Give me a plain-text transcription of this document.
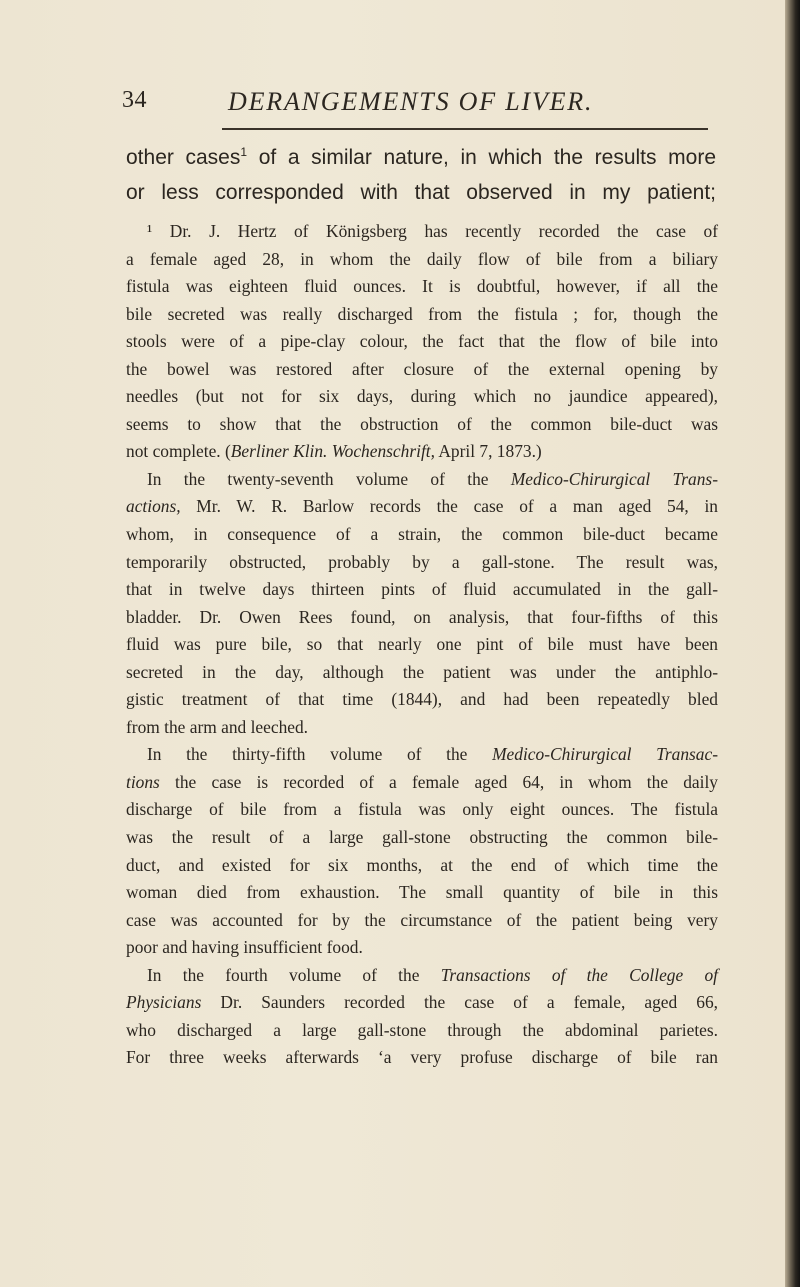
34	DERANGEMENTS OF LIVER.
other cases$^1$ of a similar nature, in which the results more
or less corresponded with that observed in my patient;
¹ Dr. J. Hertz of Königsberg has recently recorded the case of
a female aged 28, in whom the daily flow of bile from a biliary
fistula was eighteen fluid ounces. It is doubtful, however, if all the
bile secreted was really discharged from the fistula ; for, though the
stools were of a pipe-clay colour, the fact that the flow of bile into
the bowel was restored after closure of the external opening by
needles (but not for six days, during which no jaundice appeared),
seems to show that the obstruction of the common bile-duct was
not complete. (Berliner Klin. Wochenschrift, April 7, 1873.)
In the twenty-seventh volume of the Medico-Chirurgical Trans-
actions, Mr. W. R. Barlow records the case of a man aged 54, in
whom, in consequence of a strain, the common bile-duct became
temporarily obstructed, probably by a gall-stone. The result was,
that in twelve days thirteen pints of fluid accumulated in the gall-
bladder. Dr. Owen Rees found, on analysis, that four-fifths of this
fluid was pure bile, so that nearly one pint of bile must have been
secreted in the day, although the patient was under the antiphlo-
gistic treatment of that time (1844), and had been repeatedly bled
from the arm and leeched.
In the thirty-fifth volume of the Medico-Chirurgical Transac-
tions the case is recorded of a female aged 64, in whom the daily
discharge of bile from a fistula was only eight ounces. The fistula
was the result of a large gall-stone obstructing the common bile-
duct, and existed for six months, at the end of which time the
woman died from exhaustion. The small quantity of bile in this
case was accounted for by the circumstance of the patient being very
poor and having insufficient food.
In the fourth volume of the Transactions of the College of
Physicians Dr. Saunders recorded the case of a female, aged 66,
who discharged a large gall-stone through the abdominal parietes.
For three weeks afterwards ‘a very profuse discharge of bile ran
